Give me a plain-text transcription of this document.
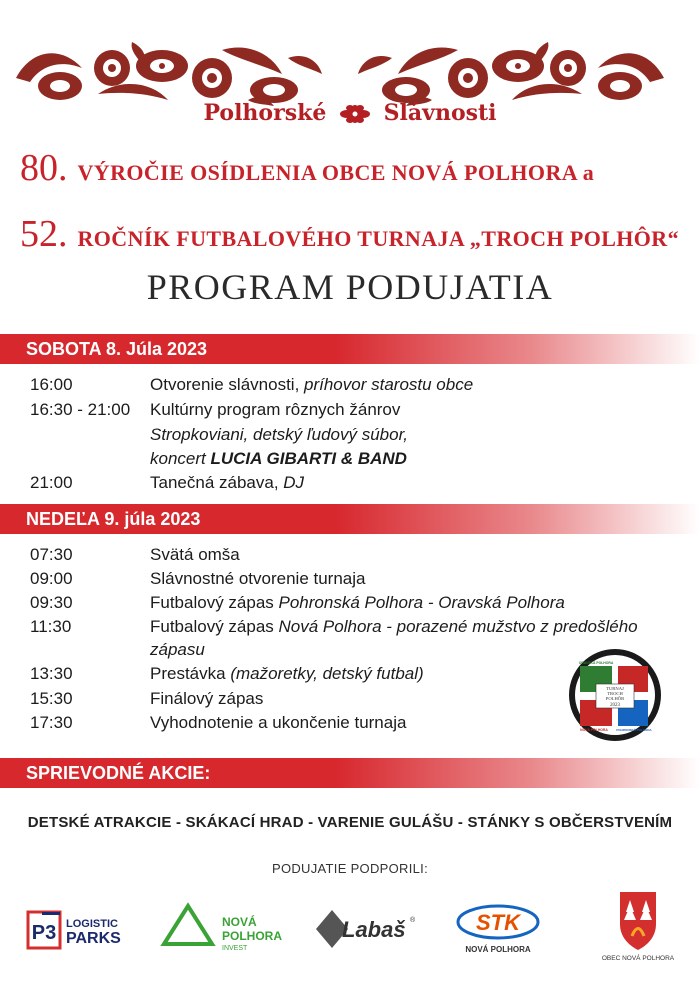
Polhorské	Slávnosti
80. VÝROČIE OSÍDLENIA OBCE NOVÁ POLHORA a
52. ROČNÍK FUTBALOVÉHO TURNAJA „TROCH POLHÔR“
PROGRAM PODUJATIA
SOBOTA 8. Júla 2023
16:00	Otvorenie slávnosti, príhovor starostu obce
16:30 - 21:00 Kultúrny program rôznych žánrov
Stropkoviani, detský ľudový súbor,
koncert LUCIA GIBARTI & BAND
21:00	Tanečná zábava, DJ
NEDEĽA 9. júla 2023
07:30	Svätá omša
09:00	Slávnostné otvorenie turnaja
09:30	Futbalový zápas Pohronská Polhora - Oravská Polhora
11:30	Futbalový zápas Nová Polhora - porazené mužstvo z predošlého
zápasu
13:30	Prestávka (mažoretky, detský futbal)
15:30	Finálový zápas
17:30	Vyhodnotenie a ukončenie turnaja
TURNAJ
TROCH
POLHÔR
2023
ORAVSKÁ POLHORA
NOVÁ POLHORA	POHRONSKÁ POLHORA
SPRIEVODNÉ AKCIE:
DETSKÉ ATRAKCIE - SKÁKACÍ HRAD - VARENIE GULÁŠU - STÁNKY S OBČERSTVENÍM
PODUJATIE PODPORILI:
P3 LOGISTIC
PARKS
NOVÁ
POLHORA
INVEST
Labaš ®	STK
NOVÁ POLHORA
OBEC NOVÁ POLHORA
